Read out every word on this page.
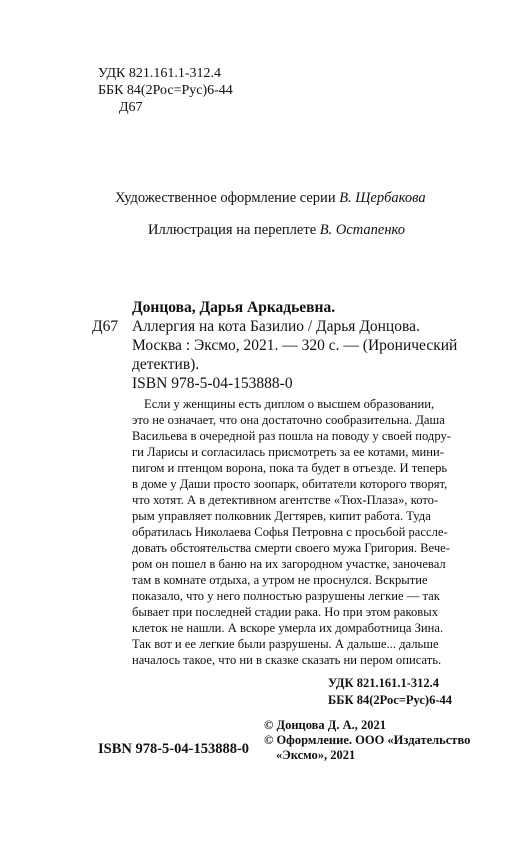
УДК 821.161.1-312.4
ББК 84(2Рос=Рус)6-44
Д67
Художественное оформление серии В. Щербакова
Иллюстрация на переплете В. Остапенко
Донцова, Дарья Аркадьевна.
Д67 Аллергия на кота Базилио / Дарья Донцова.
Москва : Эксмо, 2021. — 320 с. — (Иронический
детектив).
ISBN 978-5-04-153888-0
Если у женщины есть диплом о высшем образовании,
это не означает, что она достаточно сообразительна. Даша
Васильева в очередной раз пошла на поводу у своей подру-
ги Ларисы и согласилась присмотреть за ее котами, мини-
пигом и птенцом ворона, пока та будет в отъезде. И теперь
в доме у Даши просто зоопарк, обитатели которого творят,
что хотят. А в детективном агентстве «Тюх-Плаза», кото-
рым управляет полковник Дегтярев, кипит работа. Туда
обратилась Николаева Софья Петровна с просьбой рассле-
довать обстоятельства смерти своего мужа Григория. Вече-
ром он пошел в баню на их загородном участке, заночевал
там в комнате отдыха, а утром не проснулся. Вскрытие
показало, что у него полностью разрушены легкие — так
бывает при последней стадии рака. Но при этом раковых
клеток не нашли. А вскоре умерла их домработница Зина.
Так вот и ее легкие были разрушены. А дальше... дальше
началось такое, что ни в сказке сказать ни пером описать.
УДК 821.161.1-312.4
ББК 84(2Рос=Рус)6-44
ISBN 978-5-04-153888-0
© Донцова Д. А., 2021
© Оформление. ООО «Издательство
«Эксмо», 2021
